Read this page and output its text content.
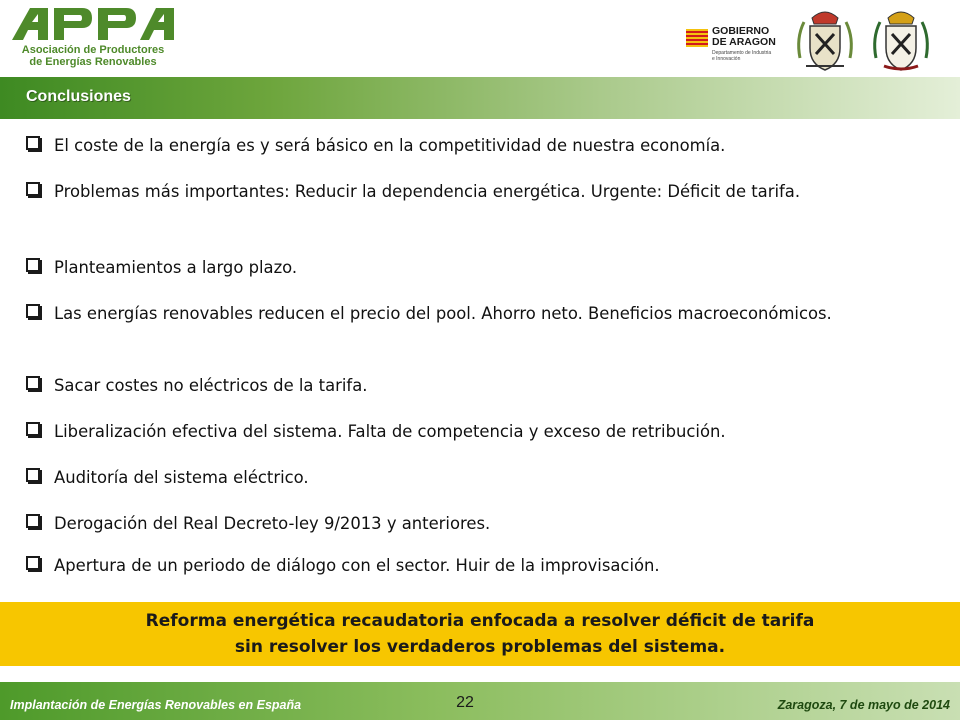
Asociación de Productores
de Energías Renovables
GOBIERNO
DE ARAGON
Departamento de Industria e Innovación
Conclusiones
El coste de la energía es y será básico en la competitividad de nuestra economía.
Problemas más importantes: Reducir la dependencia energética. Urgente: Déficit de tarifa.
Planteamientos a largo plazo.
Las energías renovables reducen el precio del pool. Ahorro neto. Beneficios macroeconómicos.
Sacar costes no eléctricos de la tarifa.
Liberalización efectiva del sistema. Falta de competencia y exceso de retribución.
Auditoría del sistema eléctrico.
Derogación del Real Decreto-ley 9/2013 y anteriores.
Apertura de un periodo de diálogo con el sector. Huir de la improvisación.
Reforma energética recaudatoria enfocada a resolver déficit de tarifa
sin resolver los verdaderos problemas del sistema.
Implantación de Energías Renovables en España	22	Zaragoza, 7 de mayo de 2014
